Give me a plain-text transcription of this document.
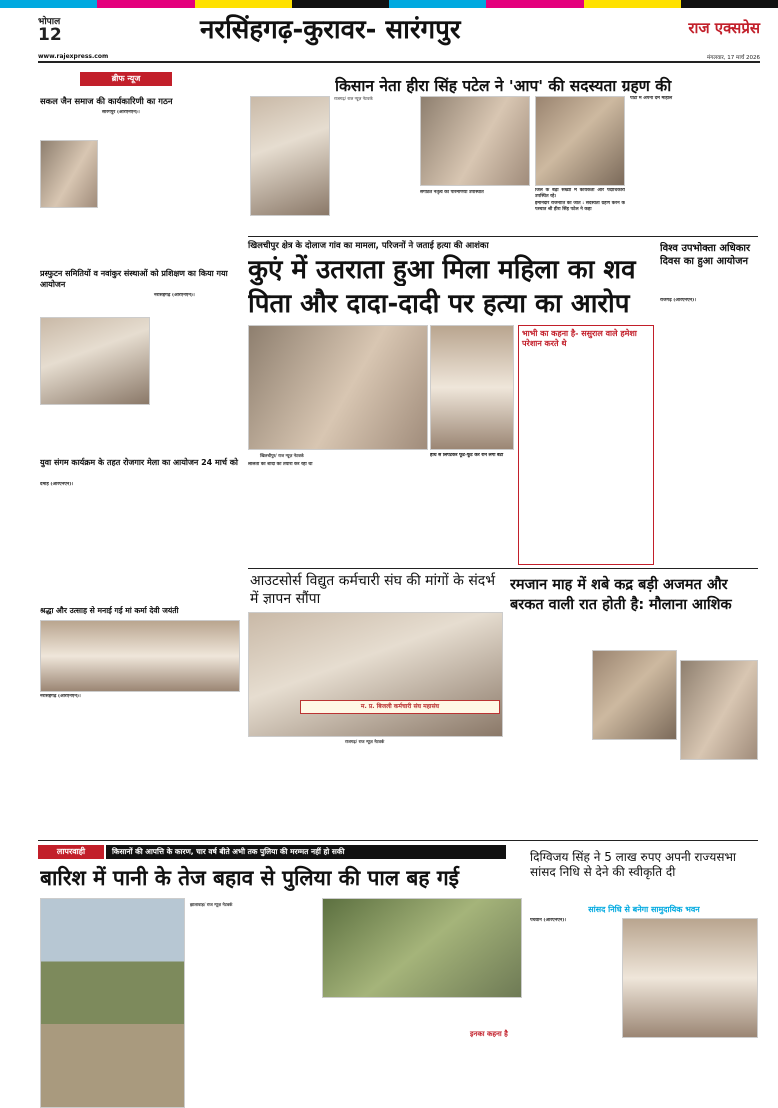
भोपाल
12	नरसिंहगढ़-कुरावर- सारंगपुर	राज एक्सप्रेस
www.rajexpress.com	मंगलवार, 17 मार्च 2026
ब्रीफ न्यूज
सकल जैन समाज की कार्यकारिणी का गठन
सारंगपुर (आरएनएन)।
प्रस्फुटन समितियों व नवांकुर संस्थाओं को प्रशिक्षण का किया गया आयोजन
नरसिंहगढ़ (आरएनएन)।
युवा संगम कार्यक्रम के तहत रोजगार मेला का आयोजन 24 मार्च को
दमोह (आरएनएन)।
श्रद्धा और उत्साह से मनाई गई मां कर्मा देवी जयंती
नरसिंहगढ़ (आरएनएन)।
किसान नेता हीरा सिंह पटेल ने 'आप' की सदस्यता ग्रहण की
राजगढ़/ राज न्यूज़ नेटवर्क
संगठित नेतृत्व की परिमाणयी उपस्थिति	जिले के बढ़ी संख्या में कार्यकर्ता और पदाधिकारी उपस्थित रहे।
ईमानदार राजनीति की जीत : सदस्यता ग्रहण करने के पश्चात श्री हीरा सिंह पटेल ने कहा
पार्टी में अपना दम माहौल
खिलचीपुर क्षेत्र के दोलाज गांव का मामला, परिजनों ने जताई हत्या की आशंका
कुएं में उतराता हुआ मिला महिला का शव
पिता और दादा-दादी पर हत्या का आरोप
भाभी का कहना है- ससुराल वाले हमेशा परेशान करते थे
खिलचीपुर/ राज न्यूज़ नेटवर्क	हाथ से लिपटकर फूट-फूट कर रोने लगी बेटी
ललिता की शादी की तैयारी कर रही थी
विश्व उपभोक्ता अधिकार दिवस का हुआ आयोजन
राजगढ़ (आरएनएन)।
आउटसोर्स विद्युत कर्मचारी संघ की मांगों के संदर्भ में ज्ञापन सौंपा
म. प्र. बिजली कर्मचारी संघ महासंघ
राजगढ़/ राज न्यूज़ नेटवर्क
रमजान माह में शबे कद्र बड़ी अजमत और
बरकत वाली रात होती है: मौलाना आशिक
लापरवाही	किसानों की आपत्ति के कारण, चार वर्ष बीते अभी तक पुलिया की मरम्मत नहीं हो सकी
बारिश में पानी के तेज बहाव से पुलिया की पाल बह गई
झालावाड़/ राज न्यूज़ नेटवर्क
इनका कहना है
दिग्विजय सिंह ने 5 लाख रुपए अपनी राज्यसभा सांसद निधि से देने की स्वीकृति दी
सांसद निधि से बनेगा सामुदायिक भवन
पचवान (आरएनएन)।
